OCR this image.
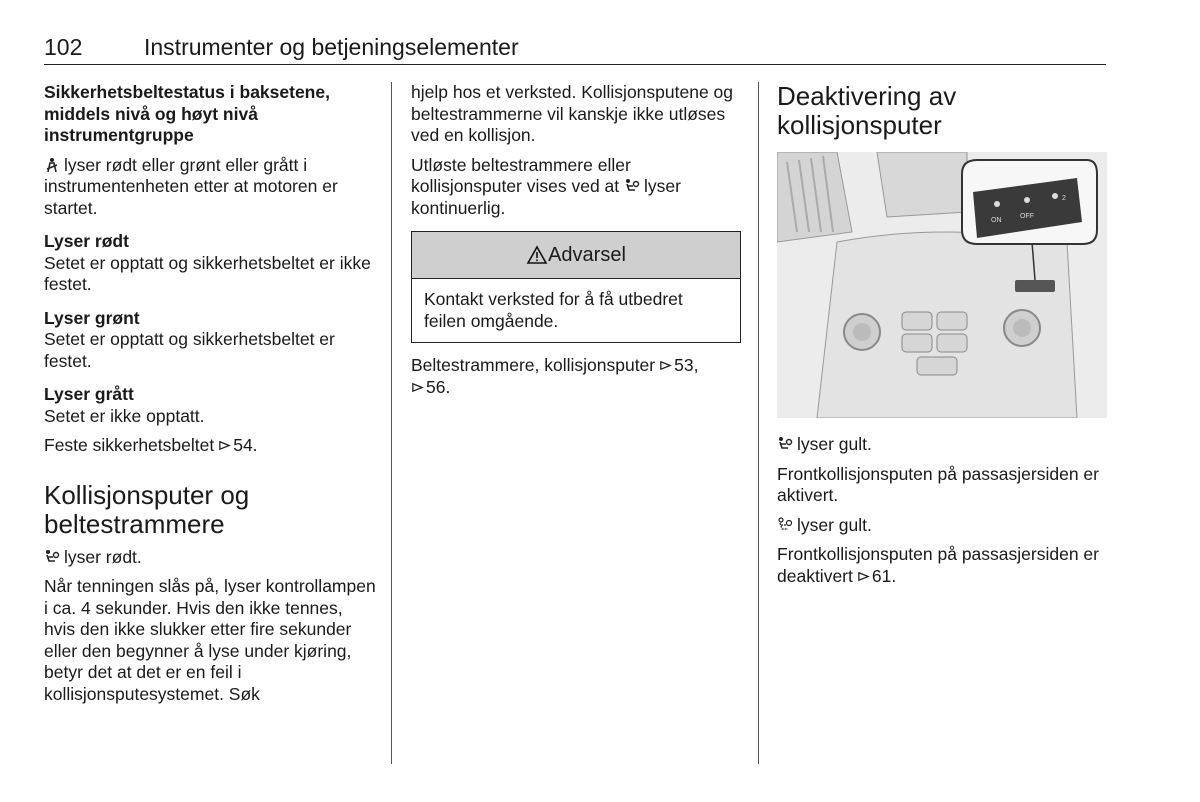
102	Instrumenter og betjeningselementer
Sikkerhetsbeltestatus i baksetene, middels nivå og høyt nivå instrumentgruppe

lyser rødt eller grønt eller grått i instrumentenheten etter at motoren er startet.

Lyser rødt

Setet er opptatt og sikkerhetsbeltet er ikke festet.

Lyser grønt

Setet er opptatt og sikkerhetsbeltet er festet.

Lyser grått

Setet er ikke opptatt.

Feste sikkerhetsbeltet 54.

Kollisjonsputer og beltestrammere

lyser rødt.

Når tenningen slås på, lyser kontrollampen i ca. 4 sekunder. Hvis den ikke tennes, hvis den ikke slukker etter fire sekunder eller den begynner å lyse under kjøring, betyr det at det er en feil i kollisjonsputesystemet. Søk

hjelp hos et verksted. Kollisjonsputene og beltestrammerne vil kanskje ikke utløses ved en kollisjon.

Utløste beltestrammere eller kollisjonsputer vises ved at lyser kontinuerlig.

Advarsel

Kontakt verksted for å få utbedret feilen omgående.

Beltestrammere, kollisjonsputer 53,
56.

Deaktivering av kollisjonsputer
ON
OFF
2

lyser gult.

Frontkollisjonsputen på passasjersiden er aktivert.

lyser gult.

Frontkollisjonsputen på passasjersiden er deaktivert 61.
